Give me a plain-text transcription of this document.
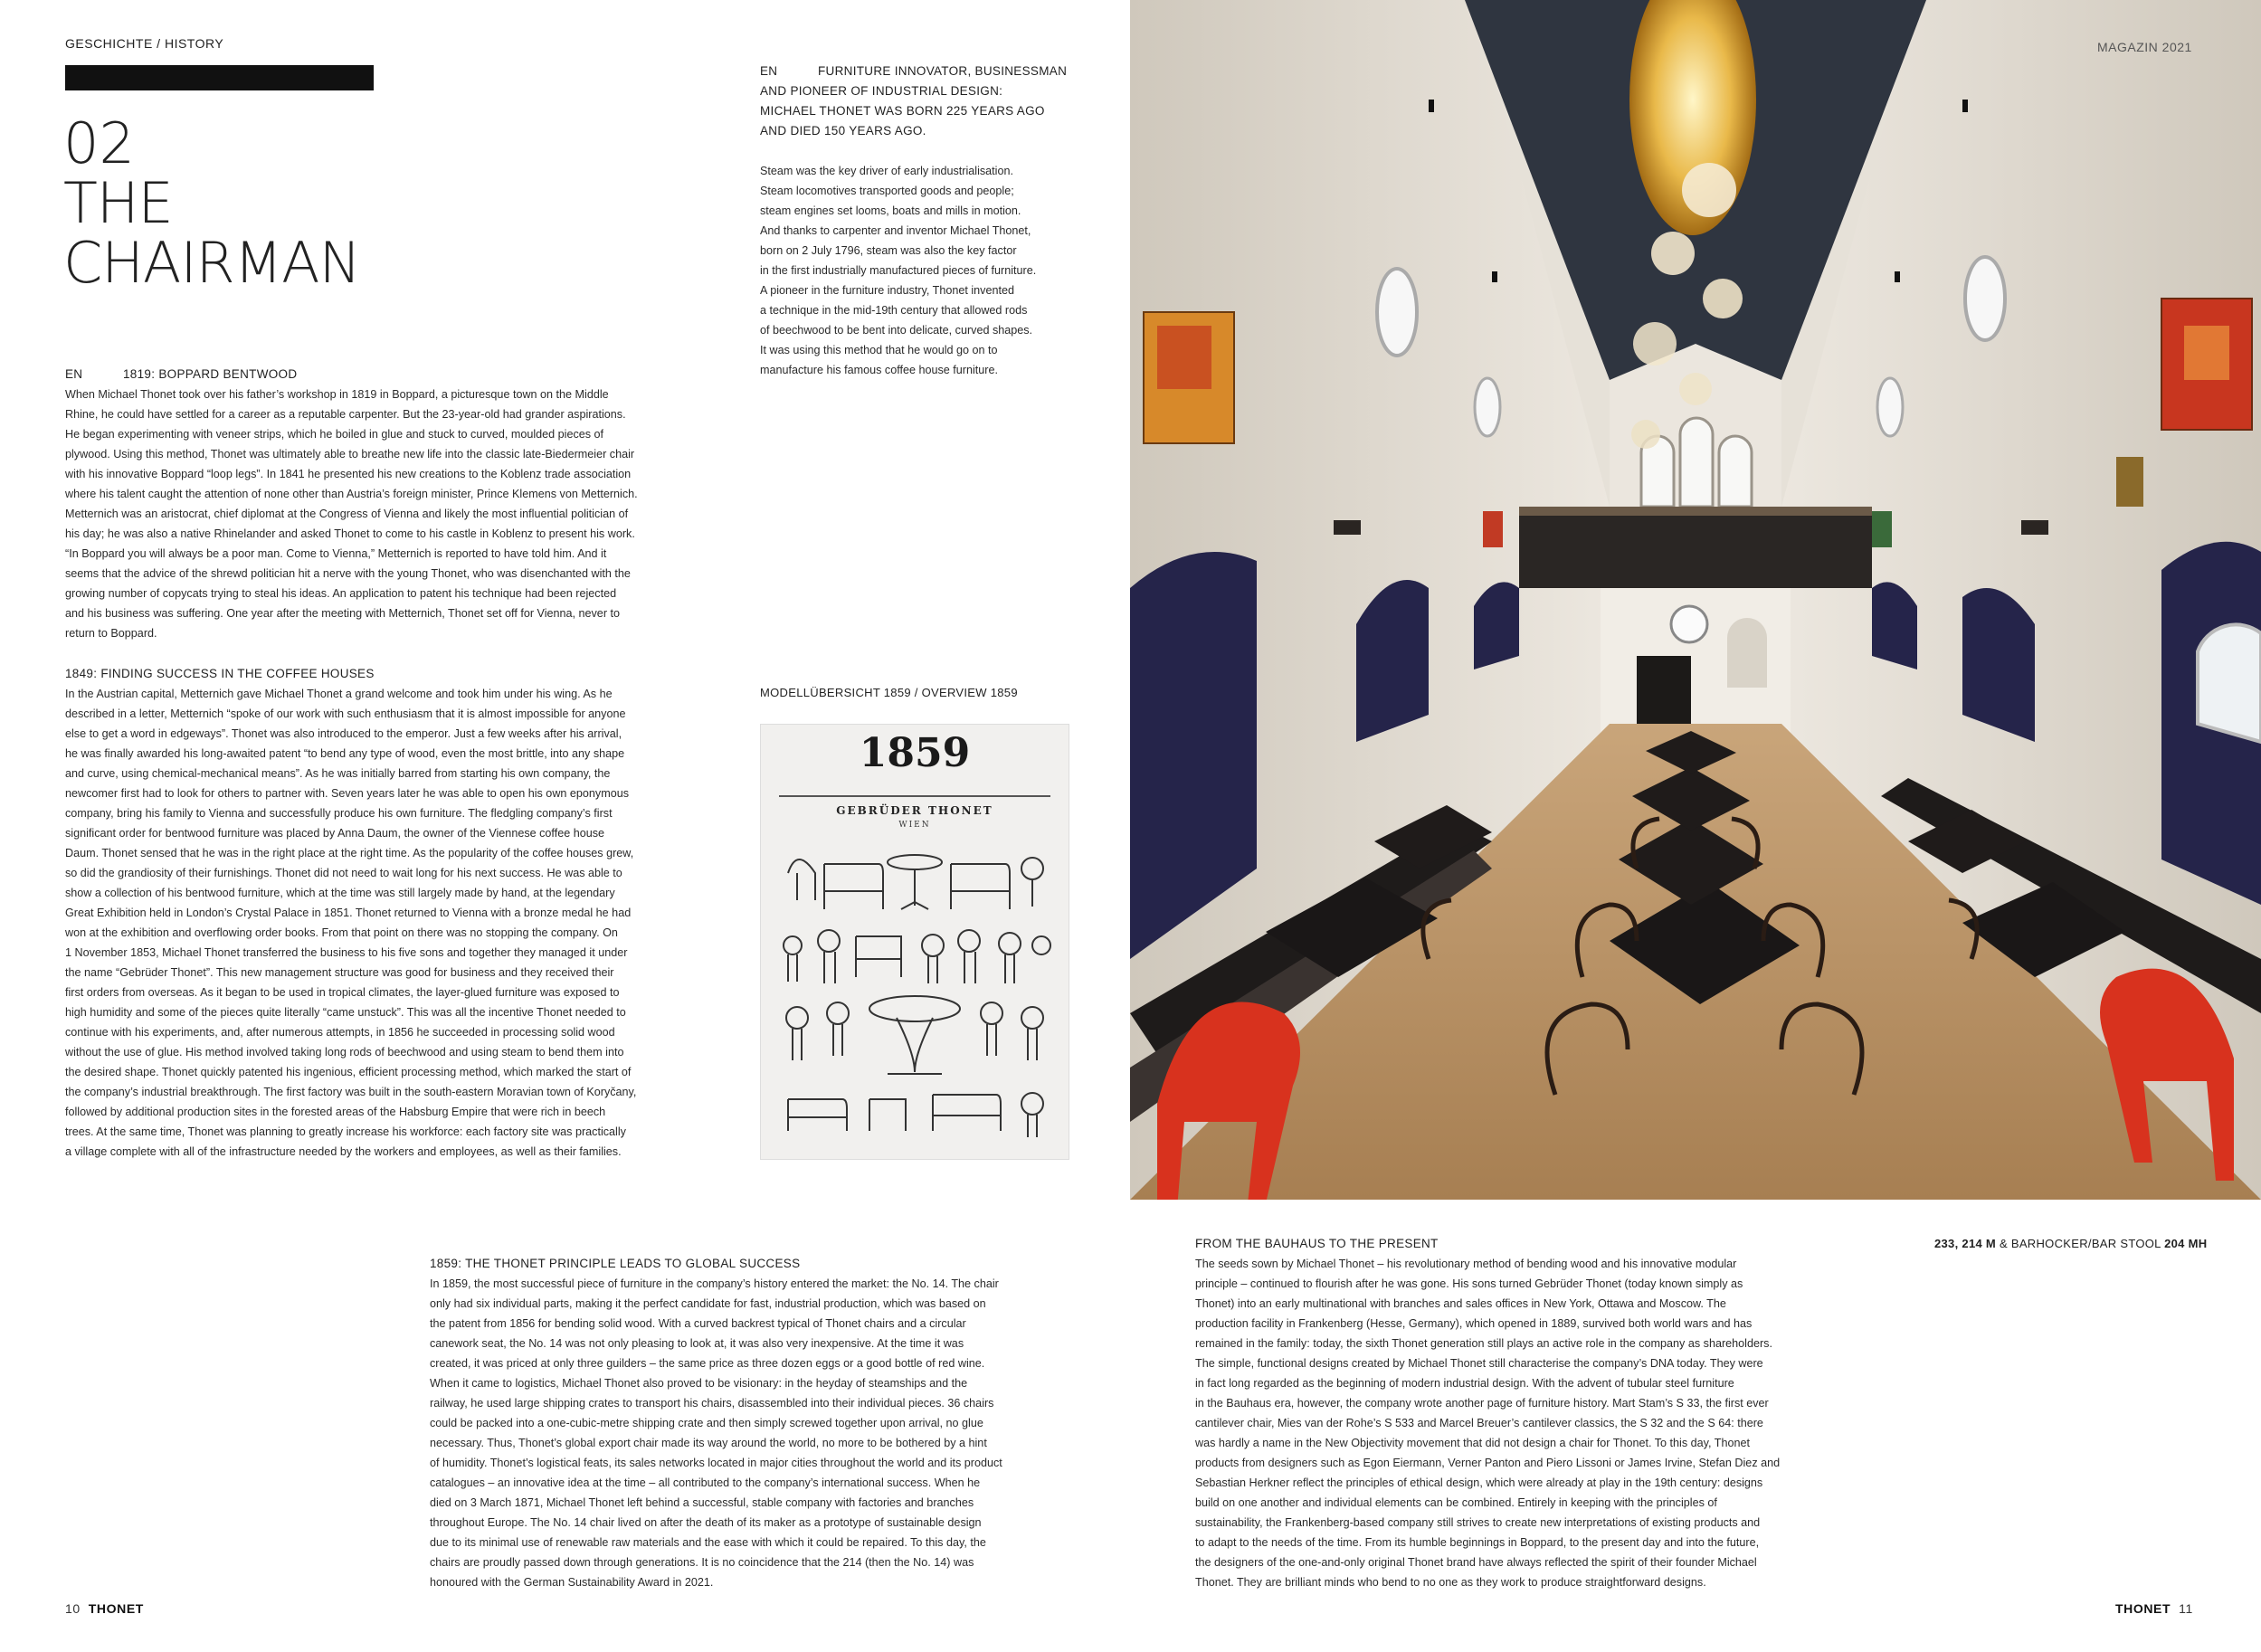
GESCHICHTE / HISTORY
02
THE
CHAIRMAN
EN	FURNITURE INNOVATOR, BUSINESSMAN
AND PIONEER OF INDUSTRIAL DESIGN:
MICHAEL THONET WAS BORN 225 YEARS AGO
AND DIED 150 YEARS AGO.

Steam was the key driver of early industrialisation.

Steam locomotives transported goods and people;

steam engines set looms, boats and mills in motion.

And thanks to carpenter and inventor Michael Thonet,

born on 2 July 1796, steam was also the key factor

in the first industrially manufactured pieces of furniture.

A pioneer in the furniture industry, Thonet invented

a technique in the mid-19th century that allowed rods

of beechwood to be bent into delicate, curved shapes.

It was using this method that he would go on to

manufacture his famous coffee house furniture.

EN	1819: BOPPARD BENTWOOD

When Michael Thonet took over his father’s workshop in 1819 in Boppard, a picturesque town on the Middle

Rhine, he could have settled for a career as a reputable carpenter. But the 23-year-old had grander aspirations.

He began experimenting with veneer strips, which he boiled in glue and stuck to curved, moulded pieces of

plywood. Using this method, Thonet was ultimately able to breathe new life into the classic late-Biedermeier chair

with his innovative Boppard “loop legs”. In 1841 he presented his new creations to the Koblenz trade association

where his talent caught the attention of none other than Austria’s foreign minister, Prince Klemens von Metternich.

Metternich was an aristocrat, chief diplomat at the Congress of Vienna and likely the most influential politician of

his day; he was also a native Rhinelander and asked Thonet to come to his castle in Koblenz to present his work.

“In Boppard you will always be a poor man. Come to Vienna,” Metternich is reported to have told him. And it

seems that the advice of the shrewd politician hit a nerve with the young Thonet, who was disenchanted with the

growing number of copycats trying to steal his ideas. An application to patent his technique had been rejected

and his business was suffering. One year after the meeting with Metternich, Thonet set off for Vienna, never to

return to Boppard.

1849: FINDING SUCCESS IN THE COFFEE HOUSES

In the Austrian capital, Metternich gave Michael Thonet a grand welcome and took him under his wing. As he

described in a letter, Metternich “spoke of our work with such enthusiasm that it is almost impossible for anyone

else to get a word in edgeways”. Thonet was also introduced to the emperor. Just a few weeks after his arrival,

he was finally awarded his long-awaited patent “to bend any type of wood, even the most brittle, into any shape

and curve, using chemical-mechanical means”. As he was initially barred from starting his own company, the

newcomer first had to look for others to partner with. Seven years later he was able to open his own eponymous

company, bring his family to Vienna and successfully produce his own furniture. The fledgling company’s first

significant order for bentwood furniture was placed by Anna Daum, the owner of the Viennese coffee house

Daum. Thonet sensed that he was in the right place at the right time. As the popularity of the coffee houses grew,

so did the grandiosity of their furnishings. Thonet did not need to wait long for his next success. He was able to

show a collection of his bentwood furniture, which at the time was still largely made by hand, at the legendary

Great Exhibition held in London’s Crystal Palace in 1851. Thonet returned to Vienna with a bronze medal he had

won at the exhibition and overflowing order books. From that point on there was no stopping the company. On

1 November 1853, Michael Thonet transferred the business to his five sons and together they managed it under

the name “Gebrüder Thonet”. This new management structure was good for business and they received their

first orders from overseas. As it began to be used in tropical climates, the layer-glued furniture was exposed to

high humidity and some of the pieces quite literally “came unstuck”. This was all the incentive Thonet needed to

continue with his experiments, and, after numerous attempts, in 1856 he succeeded in processing solid wood

without the use of glue. His method involved taking long rods of beechwood and using steam to bend them into

the desired shape. Thonet quickly patented his ingenious, efficient processing method, which marked the start of

the company’s industrial breakthrough. The first factory was built in the south-eastern Moravian town of Koryčany,

followed by additional production sites in the forested areas of the Habsburg Empire that were rich in beech

trees. At the same time, Thonet was planning to greatly increase his workforce: each factory site was practically

a village complete with all of the infrastructure needed by the workers and employees, as well as their families.

MODELLÜBERSICHT 1859 / OVERVIEW 1859
1859
GEBRÜDER THONET
WIEN

1859: THE THONET PRINCIPLE LEADS TO GLOBAL SUCCESS

In 1859, the most successful piece of furniture in the company’s history entered the market: the No. 14. The chair

only had six individual parts, making it the perfect candidate for fast, industrial production, which was based on

the patent from 1856 for bending solid wood. With a curved backrest typical of Thonet chairs and a circular

canework seat, the No. 14 was not only pleasing to look at, it was also very inexpensive. At the time it was

created, it was priced at only three guilders – the same price as three dozen eggs or a good bottle of red wine.

When it came to logistics, Michael Thonet also proved to be visionary: in the heyday of steamships and the

railway, he used large shipping crates to transport his chairs, disassembled into their individual pieces. 36 chairs

could be packed into a one-cubic-metre shipping crate and then simply screwed together upon arrival, no glue

necessary. Thus, Thonet’s global export chair made its way around the world, no more to be bothered by a hint

of humidity. Thonet’s logistical feats, its sales networks located in major cities throughout the world and its product

catalogues – an innovative idea at the time – all contributed to the company’s international success. When he

died on 3 March 1871, Michael Thonet left behind a successful, stable company with factories and branches

throughout Europe. The No. 14 chair lived on after the death of its maker as a prototype of sustainable design

due to its minimal use of renewable raw materials and the ease with which it could be repaired. To this day, the

chairs are proudly passed down through generations. It is no coincidence that the 214 (then the No. 14) was

honoured with the German Sustainability Award in 2021.

10 THONET
MAGAZIN 2021
233, 214 M & BARHOCKER/BAR STOOL 204 MH

FROM THE BAUHAUS TO THE PRESENT

The seeds sown by Michael Thonet – his revolutionary method of bending wood and his innovative modular

principle – continued to flourish after he was gone. His sons turned Gebrüder Thonet (today known simply as

Thonet) into an early multinational with branches and sales offices in New York, Ottawa and Moscow. The

production facility in Frankenberg (Hesse, Germany), which opened in 1889, survived both world wars and has

remained in the family: today, the sixth Thonet generation still plays an active role in the company as shareholders.

The simple, functional designs created by Michael Thonet still characterise the company’s DNA today. They were

in fact long regarded as the beginning of modern industrial design. With the advent of tubular steel furniture

in the Bauhaus era, however, the company wrote another page of furniture history. Mart Stam’s S 33, the first ever

cantilever chair, Mies van der Rohe’s S 533 and Marcel Breuer’s cantilever classics, the S 32 and the S 64: there

was hardly a name in the New Objectivity movement that did not design a chair for Thonet. To this day, Thonet

products from designers such as Egon Eiermann, Verner Panton and Piero Lissoni or James Irvine, Stefan Diez and

Sebastian Herkner reflect the principles of ethical design, which were already at play in the 19th century: designs

build on one another and individual elements can be combined. Entirely in keeping with the principles of

sustainability, the Frankenberg-based company still strives to create new interpretations of existing products and

to adapt to the needs of the time. From its humble beginnings in Boppard, to the present day and into the future,

the designers of the one-and-only original Thonet brand have always reflected the spirit of their founder Michael

Thonet. They are brilliant minds who bend to no one as they work to produce straightforward designs.

THONET 11
